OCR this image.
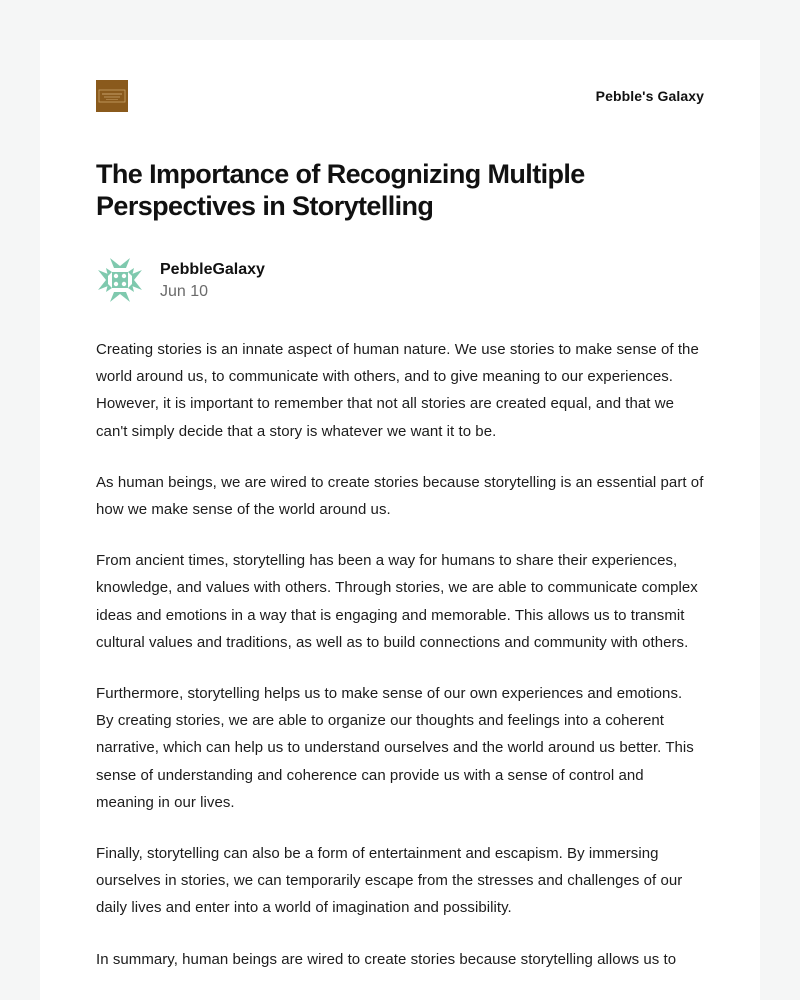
Pebble's Galaxy
The Importance of Recognizing Multiple Perspectives in Storytelling
PebbleGalaxy
Jun 10

Creating stories is an innate aspect of human nature. We use stories to make sense of the world around us, to communicate with others, and to give meaning to our experiences. However, it is important to remember that not all stories are created equal, and that we can't simply decide that a story is whatever we want it to be.

As human beings, we are wired to create stories because storytelling is an essential part of how we make sense of the world around us.

From ancient times, storytelling has been a way for humans to share their experiences, knowledge, and values with others. Through stories, we are able to communicate complex ideas and emotions in a way that is engaging and memorable. This allows us to transmit cultural values and traditions, as well as to build connections and community with others.

Furthermore, storytelling helps us to make sense of our own experiences and emotions. By creating stories, we are able to organize our thoughts and feelings into a coherent narrative, which can help us to understand ourselves and the world around us better. This sense of understanding and coherence can provide us with a sense of control and meaning in our lives.

Finally, storytelling can also be a form of entertainment and escapism. By immersing ourselves in stories, we can temporarily escape from the stresses and challenges of our daily lives and enter into a world of imagination and possibility.

In summary, human beings are wired to create stories because storytelling allows us to
